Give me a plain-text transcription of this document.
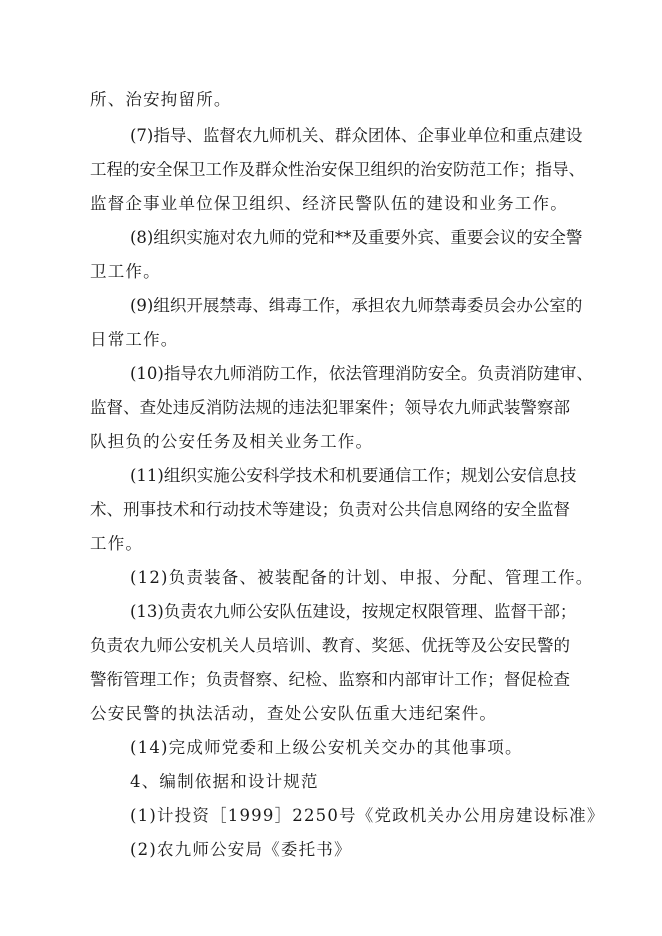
所、治安拘留所。
(7)指导、监督农九师机关、群众团体、企事业单位和重点建设
工程的安全保卫工作及群众性治安保卫组织的治安防范工作；指导、
监督企事业单位保卫组织、经济民警队伍的建设和业务工作。
(8)组织实施对农九师的党和**及重要外宾、重要会议的安全警
卫工作。
(9)组织开展禁毒、缉毒工作，承担农九师禁毒委员会办公室的
日常工作。
(10)指导农九师消防工作，依法管理消防安全。负责消防建审、
监督、查处违反消防法规的违法犯罪案件；领导农九师武装警察部
队担负的公安任务及相关业务工作。
(11)组织实施公安科学技术和机要通信工作；规划公安信息技
术、刑事技术和行动技术等建设；负责对公共信息网络的安全监督
工作。
(12)负责装备、被装配备的计划、申报、分配、管理工作。
(13)负责农九师公安队伍建设，按规定权限管理、监督干部；
负责农九师公安机关人员培训、教育、奖惩、优抚等及公安民警的
警衔管理工作；负责督察、纪检、监察和内部审计工作；督促检查
公安民警的执法活动，查处公安队伍重大违纪案件。
(14)完成师党委和上级公安机关交办的其他事项。
4、编制依据和设计规范
(1)计投资［1999］2250号《党政机关办公用房建设标准》
(2)农九师公安局《委托书》
